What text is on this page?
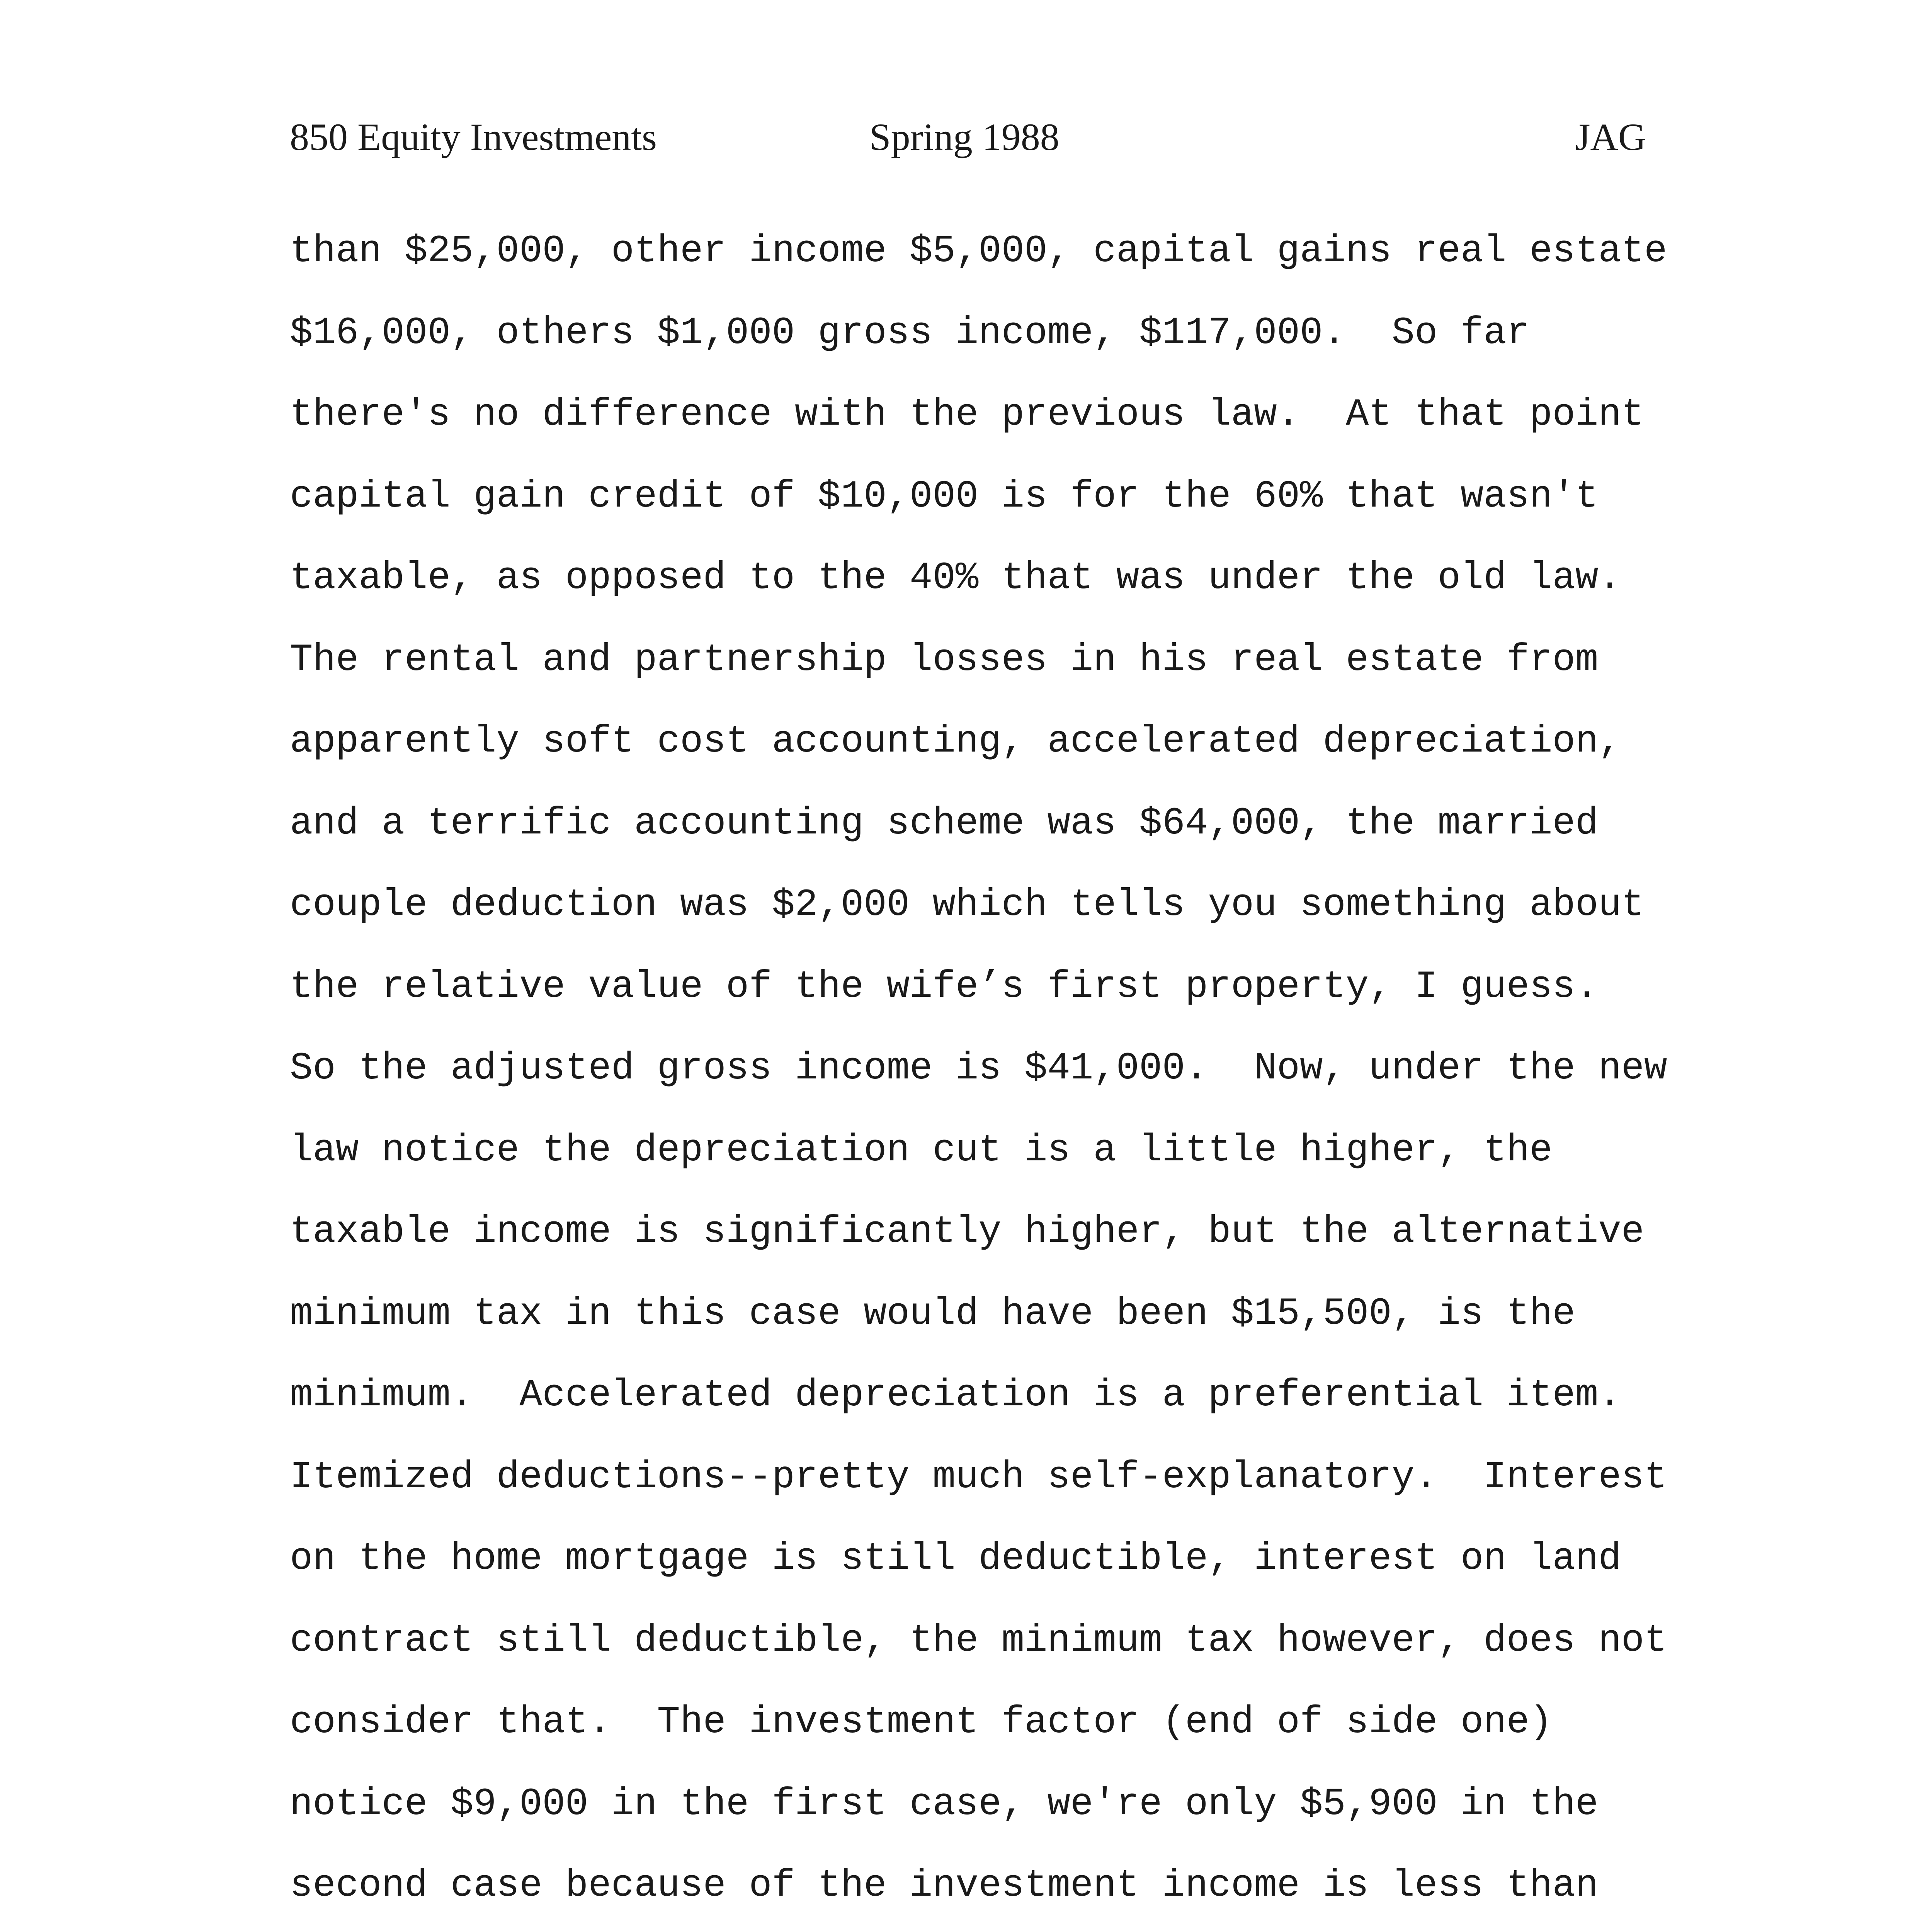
850 Equity Investments	Spring 1988	JAG
than $25,000, other income $5,000, capital gains real estate
$16,000, others $1,000 gross income, $117,000.  So far
there's no difference with the previous law.  At that point
capital gain credit of $10,000 is for the 60% that wasn't
taxable, as opposed to the 40% that was under the old law.
The rental and partnership losses in his real estate from
apparently soft cost accounting, accelerated depreciation,
and a terrific accounting scheme was $64,000, the married
couple deduction was $2,000 which tells you something about
the relative value of the wife’s first property, I guess.
So the adjusted gross income is $41,000.  Now, under the new
law notice the depreciation cut is a little higher, the
taxable income is significantly higher, but the alternative
minimum tax in this case would have been $15,500, is the
minimum.  Accelerated depreciation is a preferential item.
Itemized deductions--pretty much self-explanatory.  Interest
on the home mortgage is still deductible, interest on land
contract still deductible, the minimum tax however, does not
consider that.  The investment factor (end of side one)
notice $9,000 in the first case, we're only $5,900 in the
second case because of the investment income is less than
